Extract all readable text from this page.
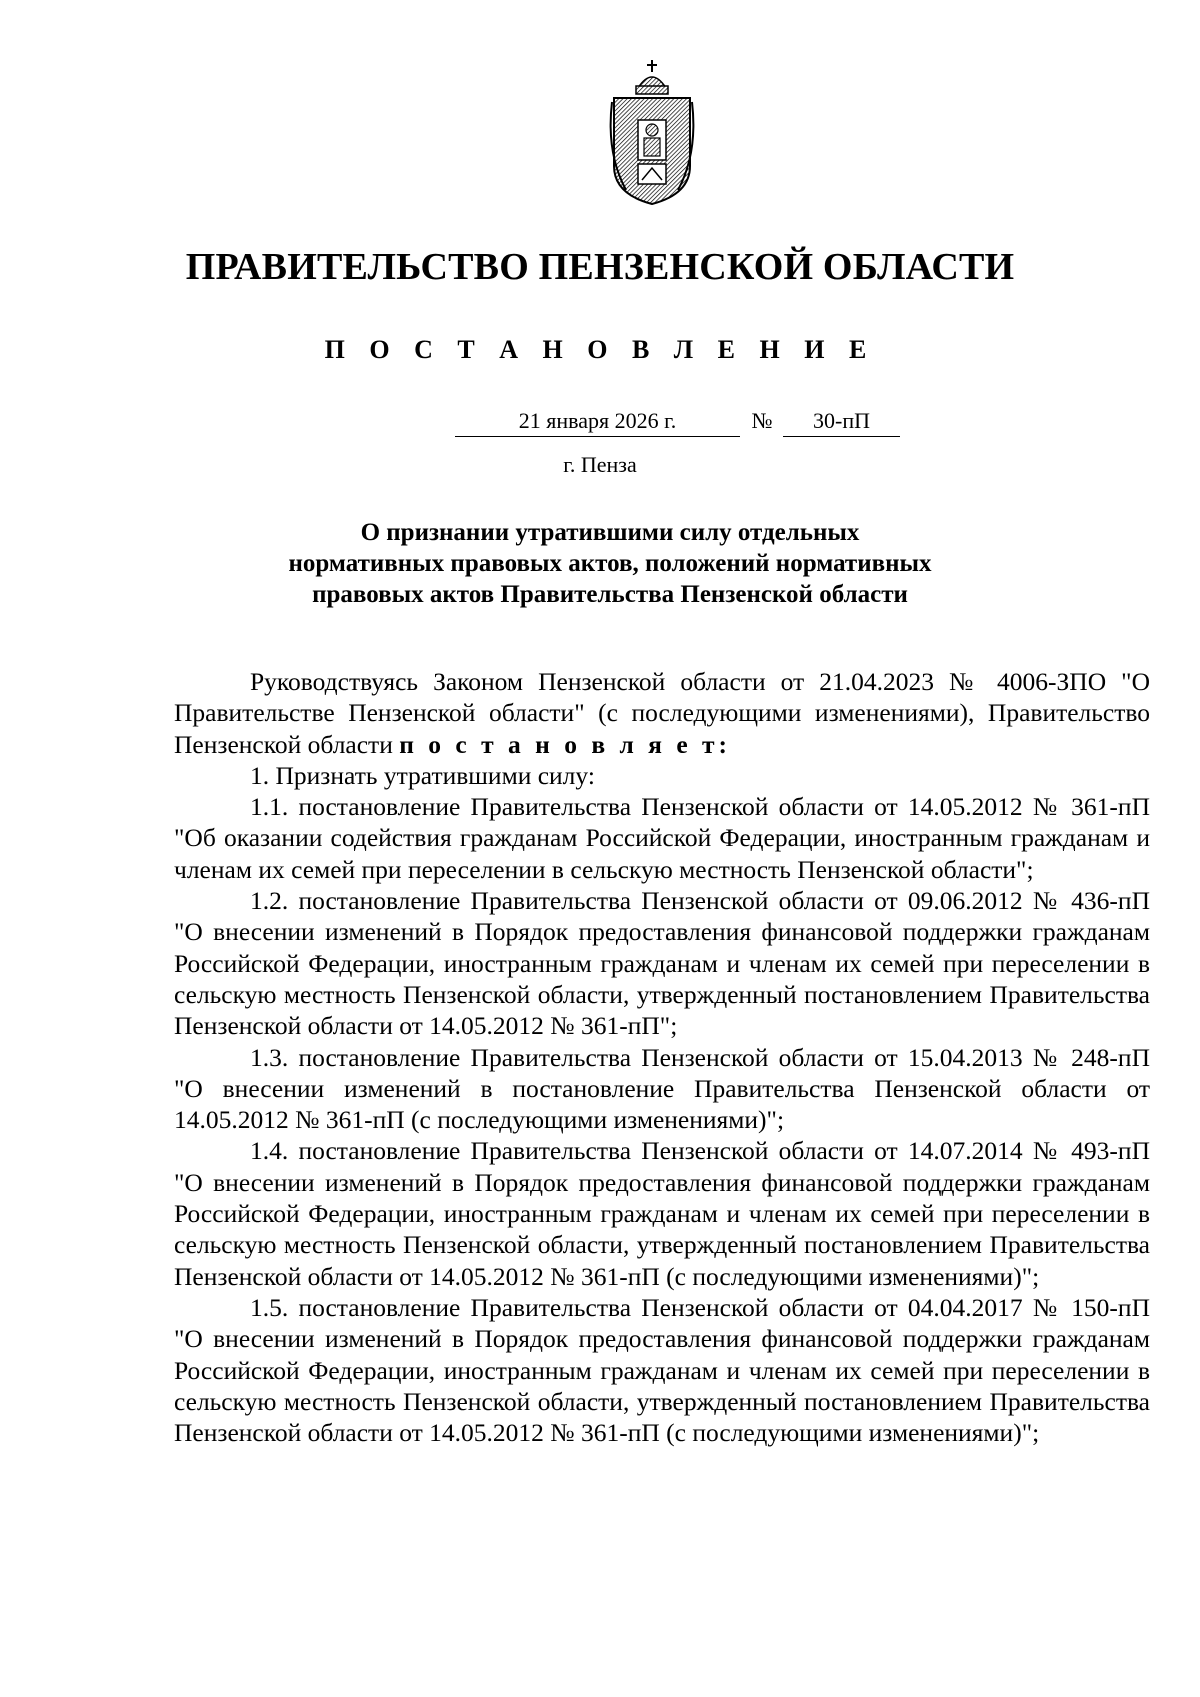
ПРАВИТЕЛЬСТВО ПЕНЗЕНСКОЙ ОБЛАСТИ
П О С Т А Н О В Л Е Н И Е
21 января 2026 г.	№	30-пП
г. Пенза
О признании утратившими силу отдельных
нормативных правовых актов, положений нормативных
правовых актов Правительства Пензенской области

Руководствуясь Законом Пензенской области от 21.04.2023 № 4006-ЗПО "О Правительстве Пензенской области" (с последующими изменениями), Правительство Пензенской области п о с т а н о в л я е т:

1. Признать утратившими силу:

1.1. постановление Правительства Пензенской области от 14.05.2012 № 361-пП "Об оказании содействия гражданам Российской Федерации, иностранным гражданам и членам их семей при переселении в сельскую местность Пензенской области";

1.2. постановление Правительства Пензенской области от 09.06.2012 № 436-пП "О внесении изменений в Порядок предоставления финансовой поддержки гражданам Российской Федерации, иностранным гражданам и членам их семей при переселении в сельскую местность Пензенской области, утвержденный постановлением Правительства Пензенской области от 14.05.2012 № 361-пП";

1.3. постановление Правительства Пензенской области от 15.04.2013 № 248-пП "О внесении изменений в постановление Правительства Пензенской области от 14.05.2012 № 361-пП (с последующими изменениями)";

1.4. постановление Правительства Пензенской области от 14.07.2014 № 493-пП "О внесении изменений в Порядок предоставления финансовой поддержки гражданам Российской Федерации, иностранным гражданам и членам их семей при переселении в сельскую местность Пензенской области, утвержденный постановлением Правительства Пензенской области от 14.05.2012 № 361-пП (с последующими изменениями)";

1.5. постановление Правительства Пензенской области от 04.04.2017 № 150-пП "О внесении изменений в Порядок предоставления финансовой поддержки гражданам Российской Федерации, иностранным гражданам и членам их семей при переселении в сельскую местность Пензенской области, утвержденный постановлением Правительства Пензенской области от 14.05.2012 № 361-пП (с последующими изменениями)";
